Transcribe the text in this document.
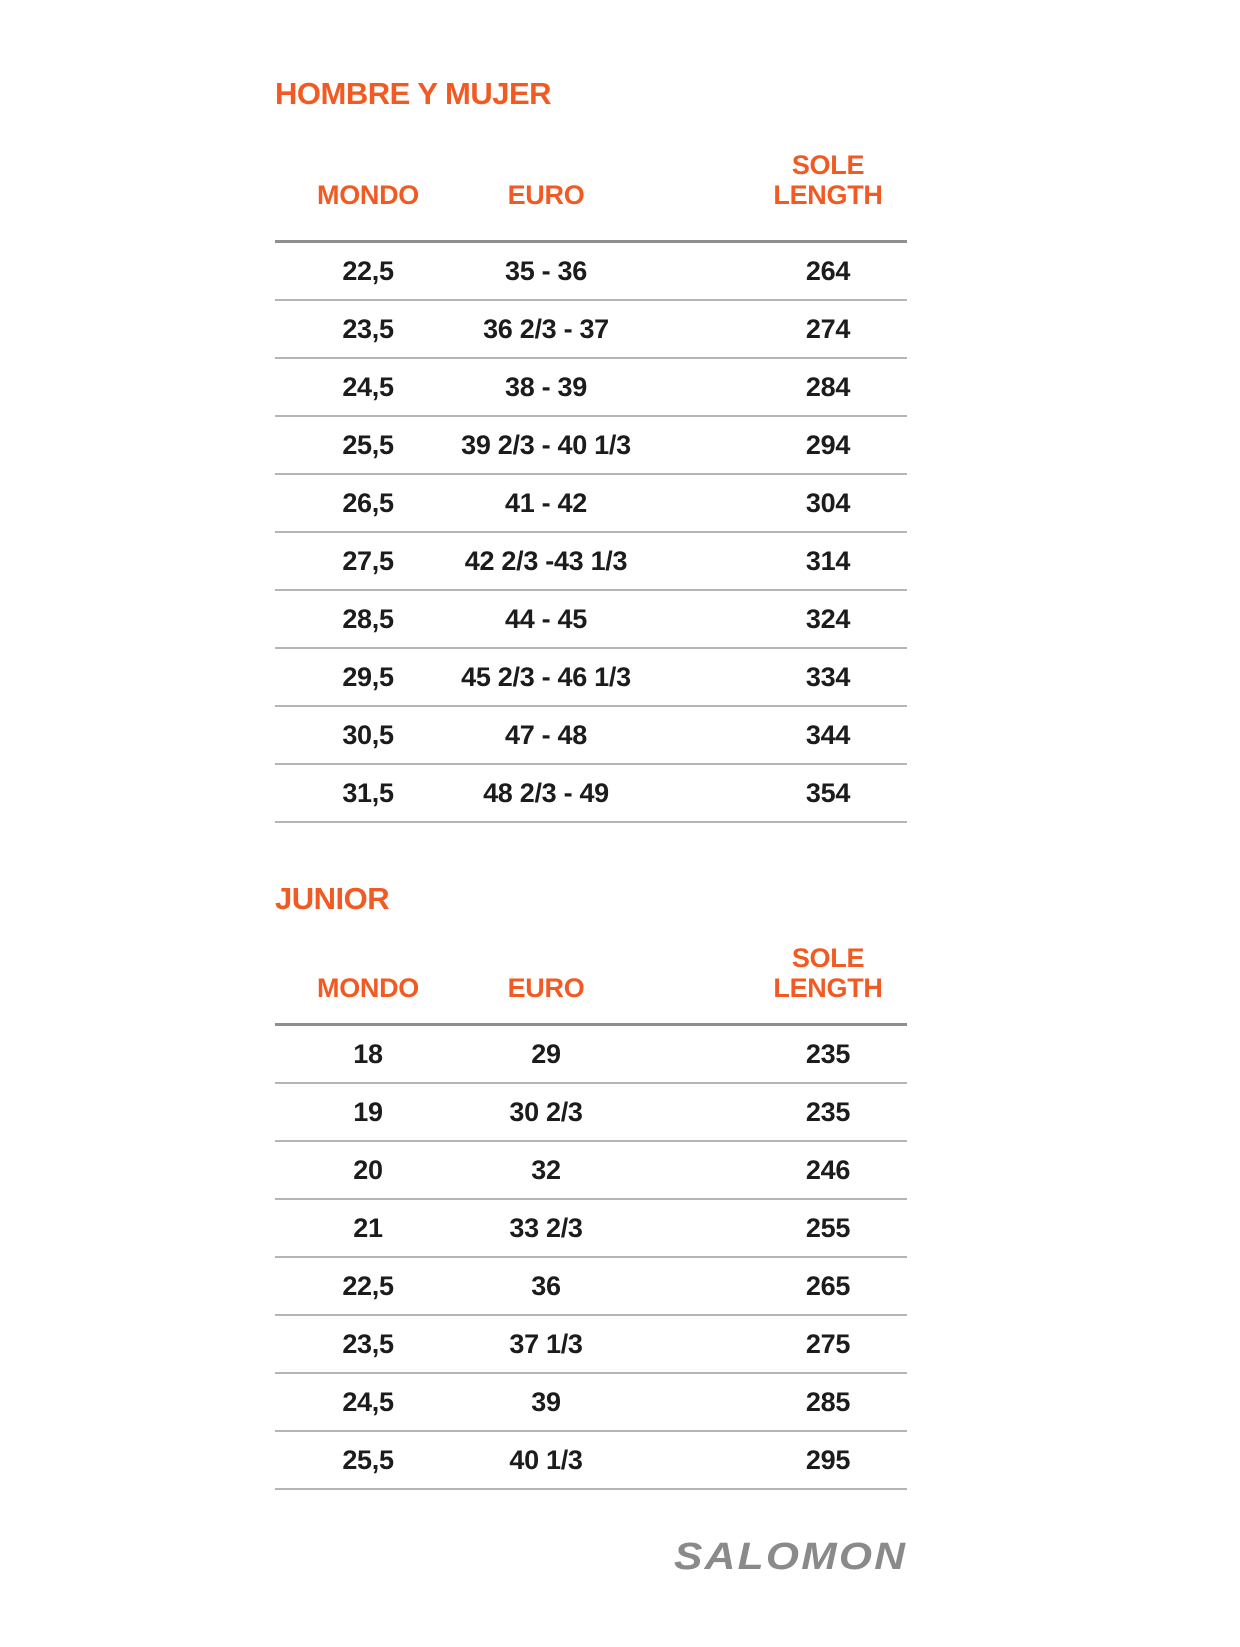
HOMBRE Y MUJER
MONDO	EURO	SOLE
LENGTH

22,5	35 - 36	264
23,5	36 2/3 - 37	274
24,5	38 - 39	284
25,5	39 2/3 - 40 1/3	294
26,5	41 - 42	304
27,5	42 2/3 -43 1/3	314
28,5	44 - 45	324
29,5	45 2/3 - 46 1/3	334
30,5	47 - 48	344
31,5	48 2/3 - 49	354
JUNIOR
MONDO	EURO	SOLE
LENGTH

18	29	235
19	30 2/3	235
20	32	246
21	33 2/3	255
22,5	36	265
23,5	37 1/3	275
24,5	39	285
25,5	40 1/3	295
SALOMON
